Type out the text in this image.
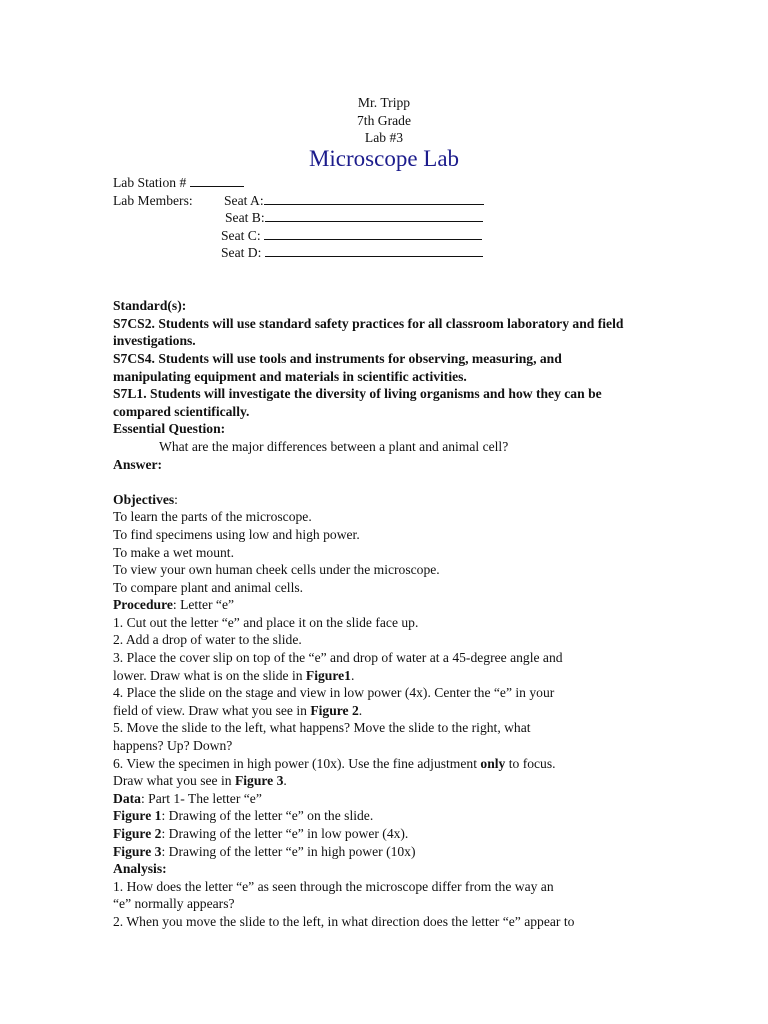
Mr. Tripp
7th Grade
Lab #3
Microscope Lab
Lab Station #
Lab Members: Seat A:
Seat B:
Seat C:
Seat D:
Standard(s):
S7CS2. Students will use standard safety practices for all classroom laboratory and field
investigations.
S7CS4. Students will use tools and instruments for observing, measuring, and
manipulating equipment and materials in scientific activities.
S7L1. Students will investigate the diversity of living organisms and how they can be
compared scientifically.
Essential Question:
What are the major differences between a plant and animal cell?
Answer:
Objectives:
To learn the parts of the microscope.
To find specimens using low and high power.
To make a wet mount.
To view your own human cheek cells under the microscope.
To compare plant and animal cells.
Procedure: Letter “e”
1. Cut out the letter “e” and place it on the slide face up.
2. Add a drop of water to the slide.
3. Place the cover slip on top of the “e” and drop of water at a 45-degree angle and
lower. Draw what is on the slide in Figure1.
4. Place the slide on the stage and view in low power (4x). Center the “e” in your
field of view. Draw what you see in Figure 2.
5. Move the slide to the left, what happens? Move the slide to the right, what
happens? Up? Down?
6. View the specimen in high power (10x). Use the fine adjustment only to focus.
Draw what you see in Figure 3.
Data: Part 1- The letter “e”
Figure 1: Drawing of the letter “e” on the slide.
Figure 2: Drawing of the letter “e” in low power (4x).
Figure 3: Drawing of the letter “e” in high power (10x)
Analysis:
1. How does the letter “e” as seen through the microscope differ from the way an
“e” normally appears?
2. When you move the slide to the left, in what direction does the letter “e” appear to
